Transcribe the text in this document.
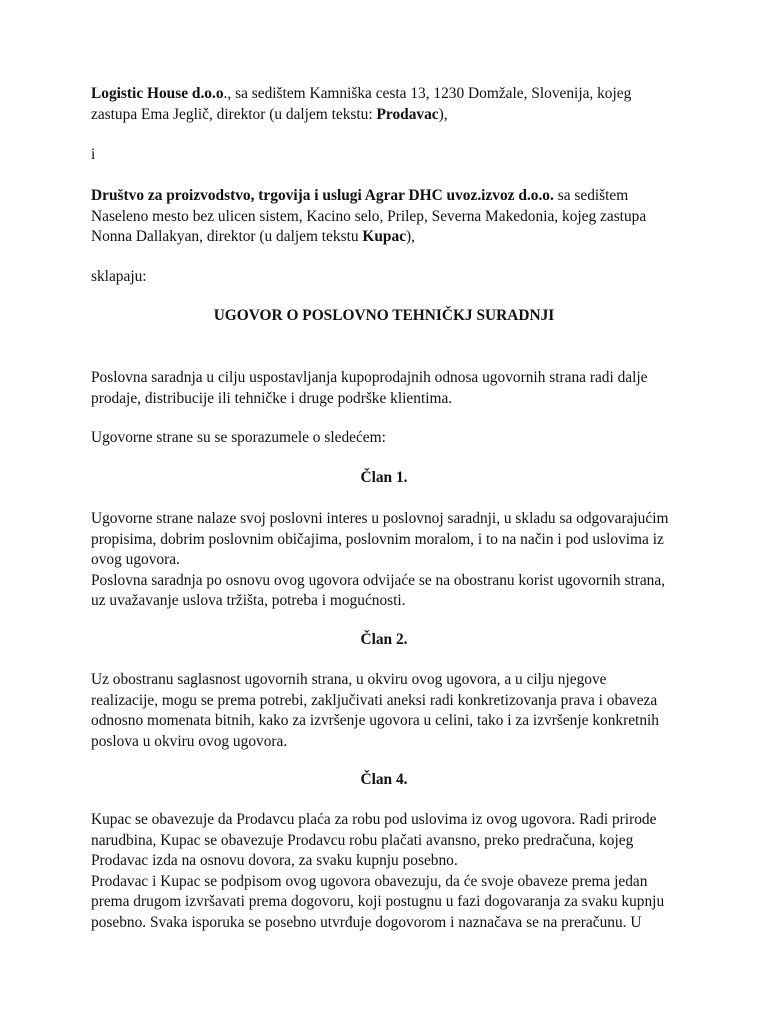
Logistic House d.o.o., sa sedištem Kamniška cesta 13, 1230 Domžale, Slovenija, kojeg
zastupa Ema Jeglič, direktor (u daljem tekstu: Prodavac),
i
Društvo za proizvodstvo, trgovija i uslugi Agrar DHC uvoz.izvoz d.o.o. sa sedištem
Naseleno mesto bez ulicen sistem, Kacino selo, Prilep, Severna Makedonia, kojeg zastupa
Nonna Dallakyan, direktor (u daljem tekstu Kupac),
sklapaju:
UGOVOR O POSLOVNO TEHNIČKJ SURADNJI
Poslovna saradnja u cilju uspostavljanja kupoprodajnih odnosa ugovornih strana radi dalje
prodaje, distribucije ili tehničke i druge podrške klientima.
Ugovorne strane su se sporazumele o sledećem:
Član 1.
Ugovorne strane nalaze svoj poslovni interes u poslovnoj saradnji, u skladu sa odgovarajućim
propisima, dobrim poslovnim običajima, poslovnim moralom, i to na način i pod uslovima iz
ovog ugovora.
Poslovna saradnja po osnovu ovog ugovora odvijaće se na obostranu korist ugovornih strana,
uz uvažavanje uslova tržišta, potreba i mogućnosti.
Član 2.
Uz obostranu saglasnost ugovornih strana, u okviru ovog ugovora, a u cilju njegove
realizacije, mogu se prema potrebi, zaključivati aneksi radi konkretizovanja prava i obaveza
odnosno momenata bitnih, kako za izvršenje ugovora u celini, tako i za izvršenje konkretnih
poslova u okviru ovog ugovora.
Član 4.
Kupac se obavezuje da Prodavcu plaća za robu pod uslovima iz ovog ugovora. Radi prirode
narudbina, Kupac se obavezuje Prodavcu robu plačati avansno, preko predračuna, kojeg
Prodavac izda na osnovu dovora, za svaku kupnju posebno.
Prodavac i Kupac se podpisom ovog ugovora obavezuju, da će svoje obaveze prema jedan
prema drugom izvršavati prema dogovoru, koji postugnu u fazi dogovaranja za svaku kupnju
posebno. Svaka isporuka se posebno utvrđuje dogovorom i naznačava se na preračunu. U
